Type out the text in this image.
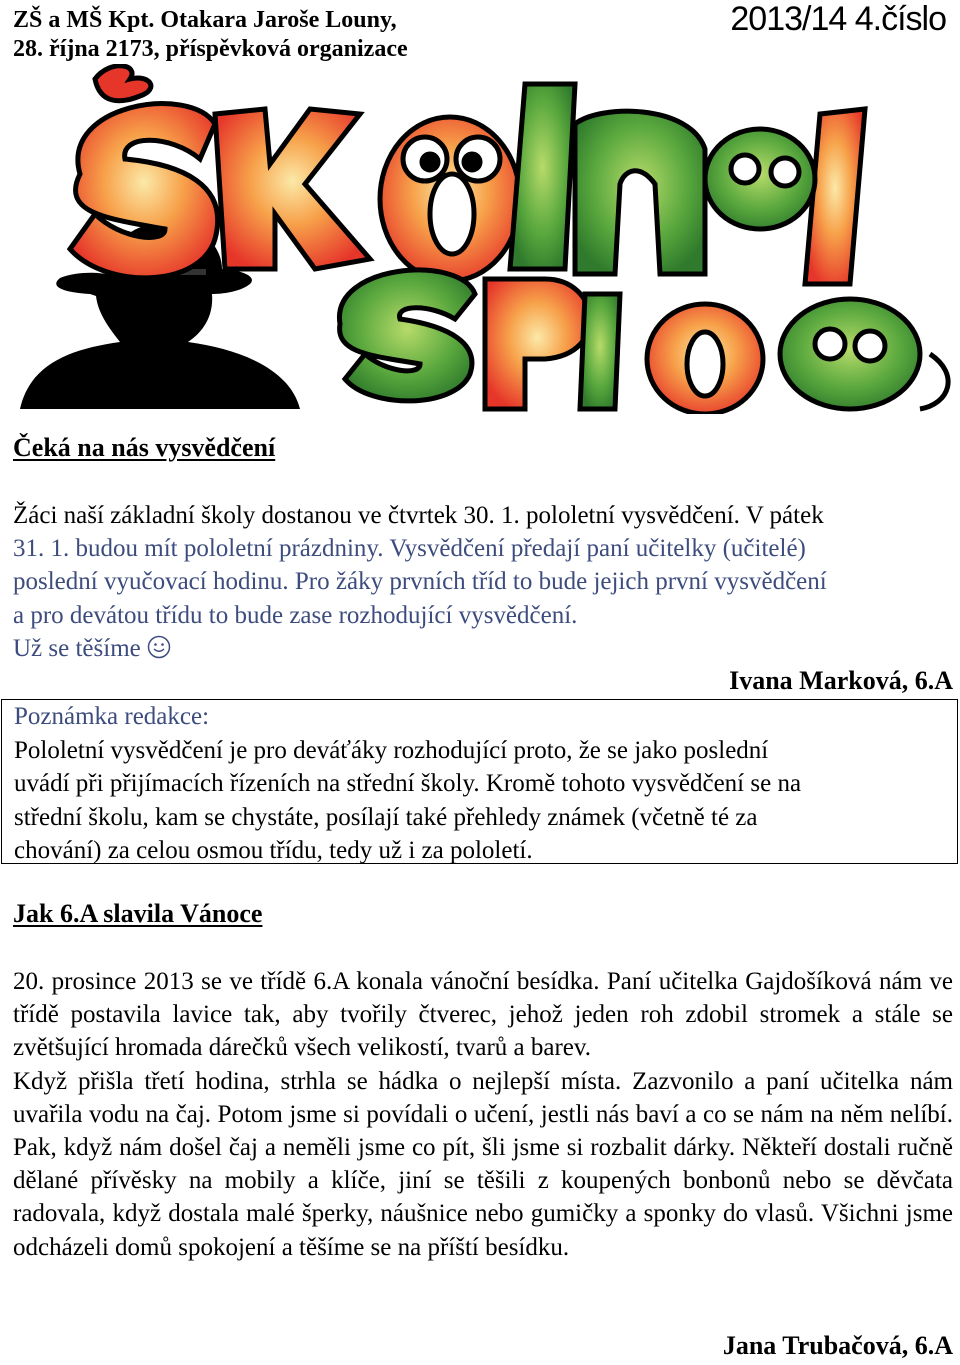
ZŠ a MŠ Kpt. Otakara Jaroše Louny,
28. října 2173, příspěvková organizace
2013/14 4.číslo
ŠKOLNÍ
Čeká na nás vysvědčení
Žáci naší základní školy dostanou ve čtvrtek 30. 1. pololetní vysvědčení. V pátek
31. 1. budou mít pololetní prázdniny. Vysvědčení předají paní učitelky (učitelé)
poslední vyučovací hodinu. Pro žáky prvních tříd to bude jejich první vysvědčení
a pro devátou třídu to bude zase rozhodující vysvědčení.
Už se těšíme
Ivana Marková, 6.A
Poznámka redakce:
Pololetní vysvědčení je pro deváťáky rozhodující proto, že se jako poslední
uvádí při přijímacích řízeních na střední školy. Kromě tohoto vysvědčení se na
střední školu, kam se chystáte, posílají také přehledy známek (včetně té za
chování) za celou osmou třídu, tedy už i za pololetí.
Jak 6.A slavila Vánoce
20. prosince 2013 se ve třídě 6.A konala vánoční besídka. Paní učitelka Gajdošíková nám ve třídě postavila lavice tak, aby tvořily čtverec, jehož jeden roh zdobil stromek a stále se zvětšující hromada dárečků všech velikostí, tvarů a barev.
Když přišla třetí hodina, strhla se hádka o nejlepší místa. Zazvonilo a paní učitelka nám uvařila vodu na čaj. Potom jsme si povídali o učení, jestli nás baví a co se nám na něm nelíbí. Pak, když nám došel čaj a neměli jsme co pít, šli jsme si rozbalit dárky. Někteří dostali ručně dělané přívěsky na mobily a klíče, jiní se těšili z koupených bonbonů nebo se děvčata radovala, když dostala malé šperky, náušnice nebo gumičky a sponky do vlasů. Všichni jsme odcházeli domů spokojení a těšíme se na příští besídku.
Jana Trubačová, 6.A
